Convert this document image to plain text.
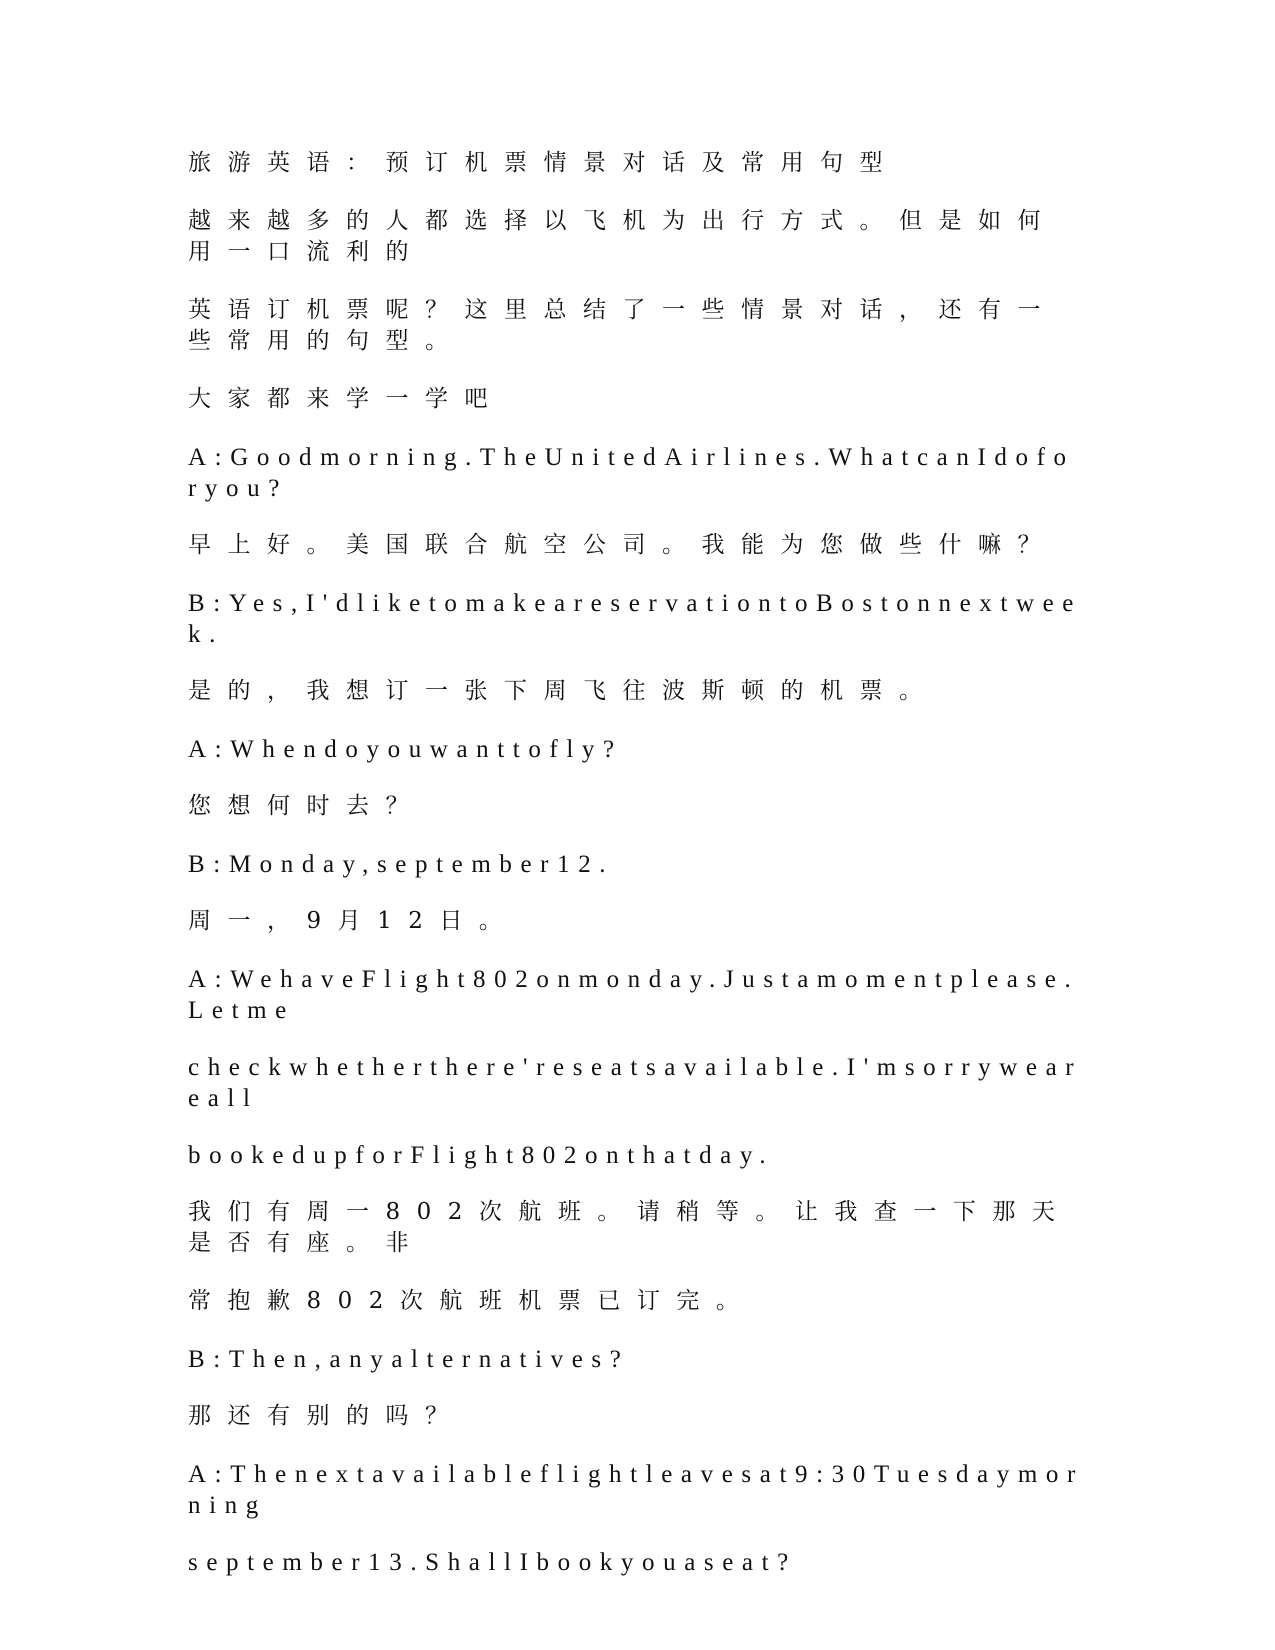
旅游英语：预订机票情景对话及常用句型

越来越多的人都选择以飞机为出行方式。但是如何用一口流利的

英语订机票呢？这里总结了一些情景对话，还有一些常用的句型。

大家都来学一学吧

A:Goodmorning.TheUnitedAirlines.WhatcanIdoforyou?

早上好。美国联合航空公司。我能为您做些什嘛？

B:Yes,I'dliketomakeareservationtoBostonnextweek.

是的，我想订一张下周飞往波斯顿的机票。

A:Whendoyouwanttofly?

您想何时去？

B:Monday,september12.

周一，9月12日。

A:WehaveFlight802onmonday.Justamomentplease.Letme

checkwhetherthere'reseatsavailable.I'msorryweareall

bookedupforFlight802onthatday.

我们有周一802次航班。请稍等。让我查一下那天是否有座。非

常抱歉802次航班机票已订完。

B:Then,anyalternatives?

那还有别的吗？

A:Thenextavailableflightleavesat9:30Tuesdaymorning

september13.ShallIbookyouaseat?
